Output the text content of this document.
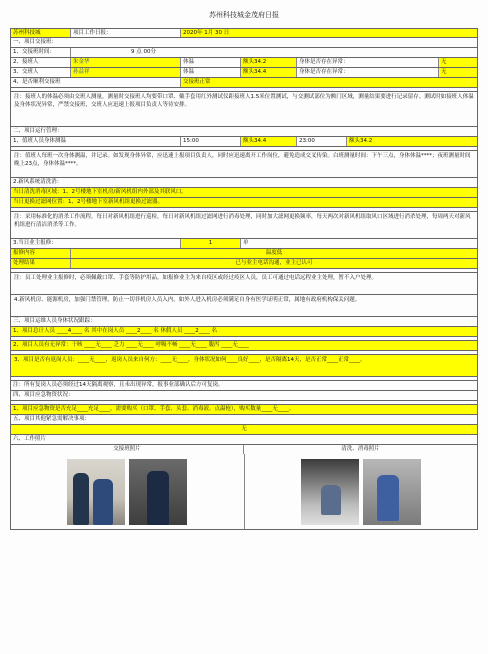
苏州科技城金茂府日报
苏州科技城	项目工作日报：	2020年 1月 30 日
一、项目交接班：
1、交接班时间：	9 点 00分
2、接班人	朱金华	体温	额头34.2	身体是否存在异常：	无
3、交班人	孙益祥	体温	额头34.4	身体是否存在异常：	无
4、是否顺利交接班	交接班正常
注：接班人的体温必须由交班人测量，测量时交接班人均要带口罩、戴手套用红外测试仪距接班人1.5米位置测试，与交测试部位为额门区域，测量结果要进行记录留存。测试时如接班人体温及身体状况异常，严禁交接班，交班人应迅速上报项目负责人等待安排。
二、项目运行管理：
1、值班人员身体测温	15:00	额头34.4	23:00	额头34.2
注：值班人每班一次身体测温，并记录。如发现身体异常，应迅速上报项目负责人，同时应迅速离开工作岗位，避免造成交叉传染。白班测量时间：下午三点，身体体温****；夜班测量时间晚上23点，身体体温****。
2.新风系统清洗消：
当日清洗消毒区域：1、2号楼地下室机房/新风机组内外部及其联风口。
当日更换过滤网位置：1、2号楼地下室新风机组更换过滤器。
注：采用标准化的消杀工作流程，每日对新风机组进行巡检，每日对新风机组过滤网进行消毒处理，同时加大滤网更换频率，每天两次对新风机组取风口区域进行消杀处理，每周两天对新风机组进行清洁消杀等工作。
3.当日业主报修：	1	单
报修内容	温度低
处理结果	已与业主电话沟通，业主已认可
注：员工处理业主报修时，必须佩戴口罩、手套等防护用品，如报修业主为来自疫区或经过疫区人员，员工可通过电话远程业主处理，暂不入户处理。
4.新风机房、能源机房，加强门禁管理，防止一切非机房人员入内，如外人进入机房必须满足自身有医学证明正常，属地有政府机构保关问题。
三、项目运维人员身体状况跟踪：
1、项目总计人员 ____4____ 名 其中在岗人员 ____2____ 名 休假人员 ____2____ 名
2、项目人员有无异常：干咳 ____无____ 乏力 ____无____ 呼吸不畅 ____无____ 腹泻 ____无____
3、项目是否有返岗人员：____无____，返岗人员来自何方：____无____，身体状况如何____良好____，是否隔离14天，是否正常____正常____。
注：所有复岗人员必须经过14天隔离观察，且未出现异常，报事业部确认后方可复岗。
四、项目应急物资状况：
1、项目应急物资是否充足____充足____，需要购买（口罩、手套、头套、消毒液、点温枪），购买数量____无____。
五、项目其他紧急需解决事项：
无
六、工作照片
交接班照片	清洗、消毒照片
